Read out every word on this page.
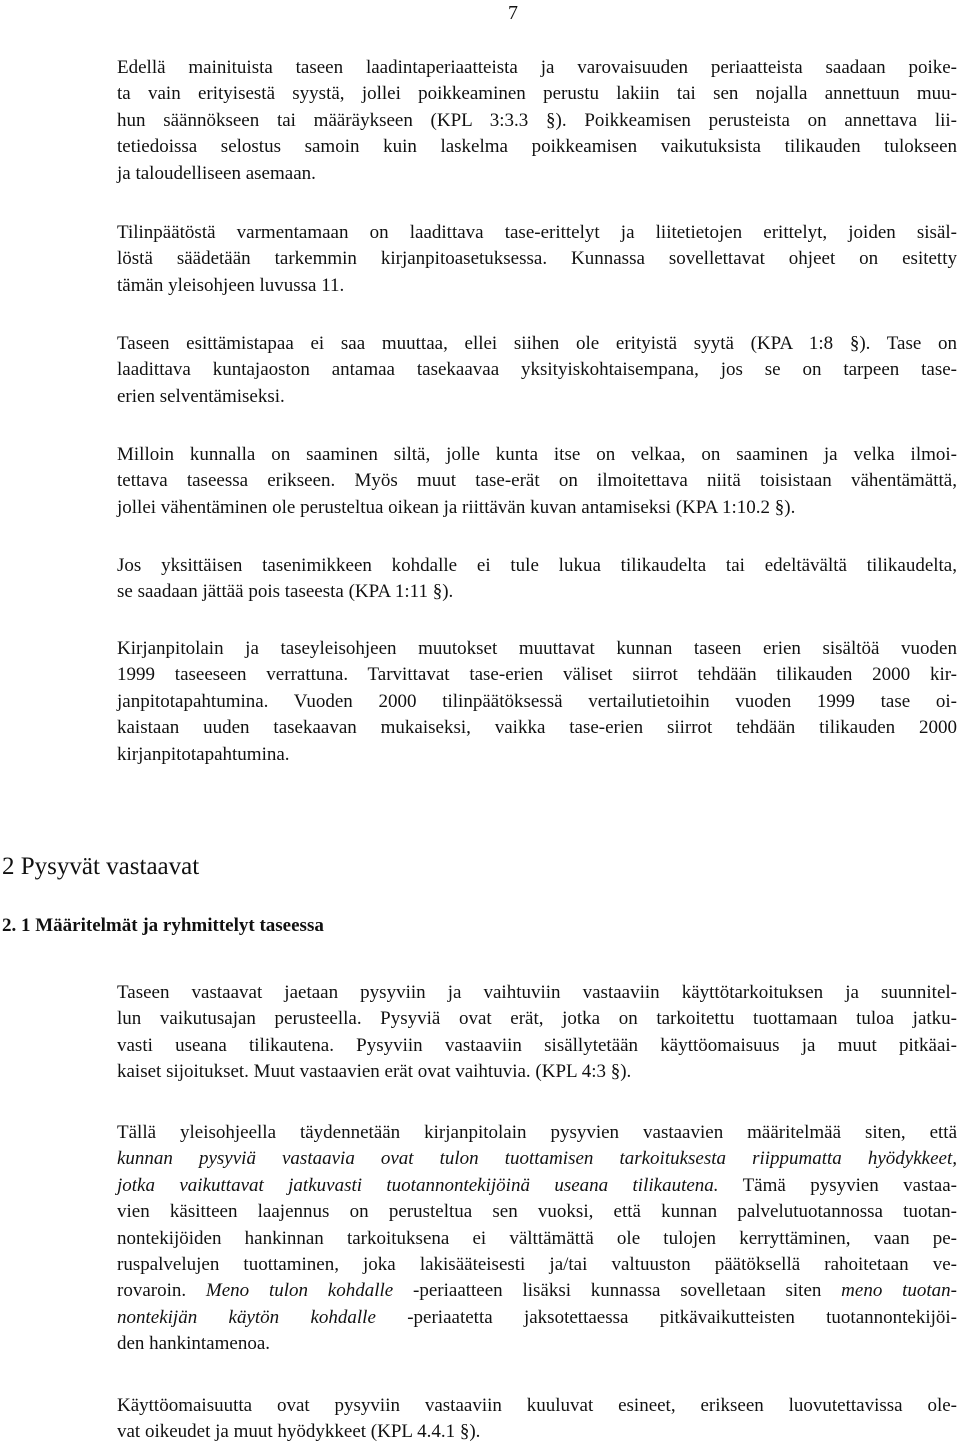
7

Edellä mainituista taseen laadintaperiaatteista ja varovaisuuden periaatteista saadaan poike-
ta vain erityisestä syystä, jollei poikkeaminen perustu lakiin tai sen nojalla annettuun muu-
hun säännökseen tai määräykseen (KPL 3:3.3 §). Poikkeamisen perusteista on annettava lii-
tetiedoissa selostus samoin kuin laskelma poikkeamisen vaikutuksista tilikauden tulokseen
ja taloudelliseen asemaan.

Tilinpäätöstä varmentamaan on laadittava tase-erittelyt ja liitetietojen erittelyt, joiden sisäl-
löstä säädetään tarkemmin kirjanpitoasetuksessa. Kunnassa sovellettavat ohjeet on esitetty
tämän yleisohjeen luvussa 11.

Taseen esittämistapaa ei saa muuttaa, ellei siihen ole erityistä syytä (KPA 1:8 §). Tase on
laadittava kuntajaoston antamaa tasekaavaa yksityiskohtaisempana, jos se on tarpeen tase-
erien selventämiseksi.

Milloin kunnalla on saaminen siltä, jolle kunta itse on velkaa, on saaminen ja velka ilmoi-
tettava taseessa erikseen. Myös muut tase-erät on ilmoitettava niitä toisistaan vähentämättä,
jollei vähentäminen ole perusteltua oikean ja riittävän kuvan antamiseksi (KPA 1:10.2 §).

Jos yksittäisen tasenimikkeen kohdalle ei tule lukua tilikaudelta tai edeltävältä tilikaudelta,
se saadaan jättää pois taseesta (KPA 1:11 §).

Kirjanpitolain ja taseyleisohjeen muutokset muuttavat kunnan taseen erien sisältöä vuoden
1999 taseeseen verrattuna. Tarvittavat tase-erien väliset siirrot tehdään tilikauden 2000 kir-
janpitotapahtumina. Vuoden 2000 tilinpäätöksessä vertailutietoihin vuoden 1999 tase oi-
kaistaan uuden tasekaavan mukaiseksi, vaikka tase-erien siirrot tehdään tilikauden 2000
kirjanpitotapahtumina.

2 Pysyvät vastaavat
2. 1 Määritelmät ja ryhmittelyt taseessa

Taseen vastaavat jaetaan pysyviin ja vaihtuviin vastaaviin käyttötarkoituksen ja suunnitel-
lun vaikutusajan perusteella. Pysyviä ovat erät, jotka on tarkoitettu tuottamaan tuloa jatku-
vasti useana tilikautena. Pysyviin vastaaviin sisällytetään käyttöomaisuus ja muut pitkäai-
kaiset sijoitukset. Muut vastaavien erät ovat vaihtuvia. (KPL 4:3 §).

Tällä yleisohjeella täydennetään kirjanpitolain pysyvien vastaavien määritelmää siten, että
kunnan pysyviä vastaavia ovat tulon tuottamisen tarkoituksesta riippumatta hyödykkeet,
jotka vaikuttavat jatkuvasti tuotannontekijöinä useana tilikautena. Tämä pysyvien vastaa-
vien käsitteen laajennus on perusteltua sen vuoksi, että kunnan palvelutuotannossa tuotan-
nontekijöiden hankinnan tarkoituksena ei välttämättä ole tulojen kerryttäminen, vaan pe-
ruspalvelujen tuottaminen, joka lakisääteisesti ja/tai valtuuston päätöksellä rahoitetaan ve-
rovaroin. Meno tulon kohdalle -periaatteen lisäksi kunnassa sovelletaan siten meno tuotan-
nontekijän käytön kohdalle -periaatetta jaksotettaessa pitkävaikutteisten tuotannontekijöi-
den hankintamenoa.

Käyttöomaisuutta ovat pysyviin vastaaviin kuuluvat esineet, erikseen luovutettavissa ole-
vat oikeudet ja muut hyödykkeet (KPL 4.4.1 §).
